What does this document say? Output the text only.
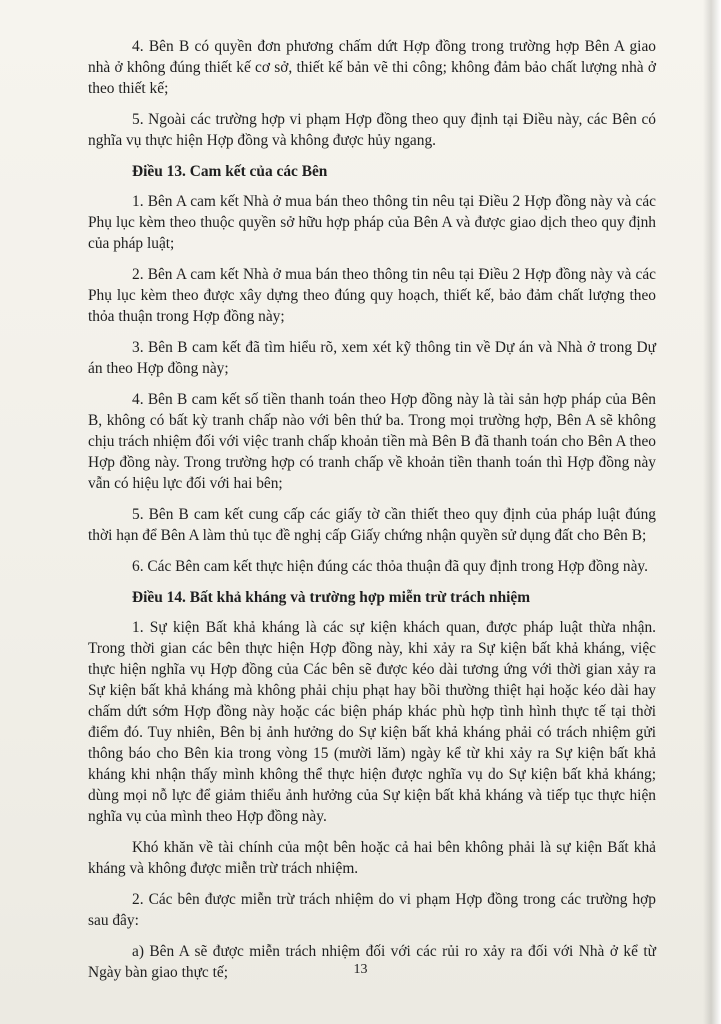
4. Bên B có quyền đơn phương chấm dứt Hợp đồng trong trường hợp Bên A giao nhà ở không đúng thiết kế cơ sở, thiết kế bản vẽ thi công; không đảm bảo chất lượng nhà ở theo thiết kế;

5. Ngoài các trường hợp vi phạm Hợp đồng theo quy định tại Điều này, các Bên có nghĩa vụ thực hiện Hợp đồng và không được hủy ngang.

Điều 13. Cam kết của các Bên

1. Bên A cam kết Nhà ở mua bán theo thông tin nêu tại Điều 2 Hợp đồng này và các Phụ lục kèm theo thuộc quyền sở hữu hợp pháp của Bên A và được giao dịch theo quy định của pháp luật;

2. Bên A cam kết Nhà ở mua bán theo thông tin nêu tại Điều 2 Hợp đồng này và các Phụ lục kèm theo được xây dựng theo đúng quy hoạch, thiết kế, bảo đảm chất lượng theo thỏa thuận trong Hợp đồng này;

3. Bên B cam kết đã tìm hiểu rõ, xem xét kỹ thông tin về Dự án và Nhà ở trong Dự án theo Hợp đồng này;

4. Bên B cam kết số tiền thanh toán theo Hợp đồng này là tài sản hợp pháp của Bên B, không có bất kỳ tranh chấp nào với bên thứ ba. Trong mọi trường hợp, Bên A sẽ không chịu trách nhiệm đối với việc tranh chấp khoản tiền mà Bên B đã thanh toán cho Bên A theo Hợp đồng này. Trong trường hợp có tranh chấp về khoản tiền thanh toán thì Hợp đồng này vẫn có hiệu lực đối với hai bên;

5. Bên B cam kết cung cấp các giấy tờ cần thiết theo quy định của pháp luật đúng thời hạn để Bên A làm thủ tục đề nghị cấp Giấy chứng nhận quyền sử dụng đất cho Bên B;

6. Các Bên cam kết thực hiện đúng các thỏa thuận đã quy định trong Hợp đồng này.

Điều 14. Bất khả kháng và trường hợp miễn trừ trách nhiệm

1. Sự kiện Bất khả kháng là các sự kiện khách quan, được pháp luật thừa nhận. Trong thời gian các bên thực hiện Hợp đồng này, khi xảy ra Sự kiện bất khả kháng, việc thực hiện nghĩa vụ Hợp đồng của Các bên sẽ được kéo dài tương ứng với thời gian xảy ra Sự kiện bất khả kháng mà không phải chịu phạt hay bồi thường thiệt hại hoặc kéo dài hay chấm dứt sớm Hợp đồng này hoặc các biện pháp khác phù hợp tình hình thực tế tại thời điểm đó. Tuy nhiên, Bên bị ảnh hưởng do Sự kiện bất khả kháng phải có trách nhiệm gửi thông báo cho Bên kia trong vòng 15 (mười lăm) ngày kể từ khi xảy ra Sự kiện bất khả kháng khi nhận thấy mình không thể thực hiện được nghĩa vụ do Sự kiện bất khả kháng; dùng mọi nỗ lực để giảm thiểu ảnh hưởng của Sự kiện bất khả kháng và tiếp tục thực hiện nghĩa vụ của mình theo Hợp đồng này.

Khó khăn về tài chính của một bên hoặc cả hai bên không phải là sự kiện Bất khả kháng và không được miễn trừ trách nhiệm.

2. Các bên được miễn trừ trách nhiệm do vi phạm Hợp đồng trong các trường hợp sau đây:

a) Bên A sẽ được miễn trách nhiệm đối với các rủi ro xảy ra đối với Nhà ở kể từ Ngày bàn giao thực tế;	13
